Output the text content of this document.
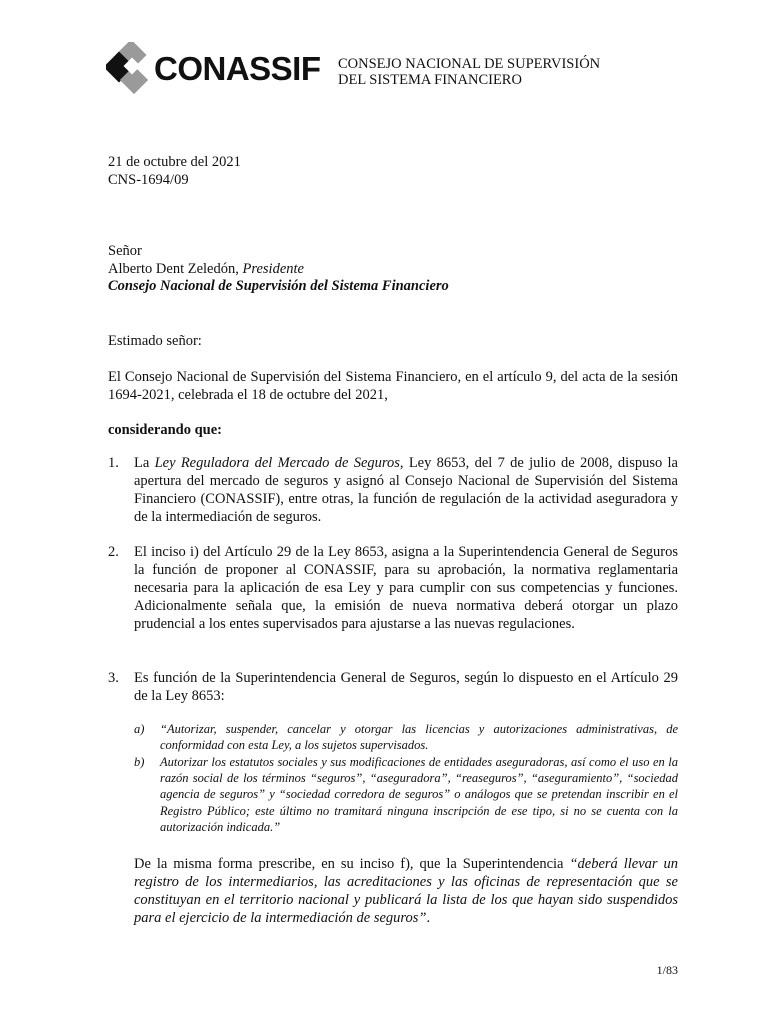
CONASSIF CONSEJO NACIONAL DE SUPERVISIÓN
DEL SISTEMA FINANCIERO
21 de octubre del 2021
CNS-1694/09
Señor
Alberto Dent Zeledón, Presidente
Consejo Nacional de Supervisión del Sistema Financiero
Estimado señor:
El Consejo Nacional de Supervisión del Sistema Financiero, en el artículo 9, del acta de la sesión 1694-2021, celebrada el 18 de octubre del 2021,
considerando que:
1. La Ley Reguladora del Mercado de Seguros, Ley 8653, del 7 de julio de 2008, dispuso la apertura del mercado de seguros y asignó al Consejo Nacional de Supervisión del Sistema Financiero (CONASSIF), entre otras, la función de regulación de la actividad aseguradora y de la intermediación de seguros.
2. El inciso i) del Artículo 29 de la Ley 8653, asigna a la Superintendencia General de Seguros la función de proponer al CONASSIF, para su aprobación, la normativa reglamentaria necesaria para la aplicación de esa Ley y para cumplir con sus competencias y funciones. Adicionalmente señala que, la emisión de nueva normativa deberá otorgar un plazo prudencial a los entes supervisados para ajustarse a las nuevas regulaciones.
3. Es función de la Superintendencia General de Seguros, según lo dispuesto en el Artículo 29 de la Ley 8653:
a) “Autorizar, suspender, cancelar y otorgar las licencias y autorizaciones administrativas, de conformidad con esta Ley, a los sujetos supervisados.
b) Autorizar los estatutos sociales y sus modificaciones de entidades aseguradoras, así como el uso en la razón social de los términos “seguros”, “aseguradora”, “reaseguros”, “aseguramiento”, “sociedad agencia de seguros” y “sociedad corredora de seguros” o análogos que se pretendan inscribir en el Registro Público; este último no tramitará ninguna inscripción de ese tipo, si no se cuenta con la autorización indicada.”
De la misma forma prescribe, en su inciso f), que la Superintendencia “deberá llevar un registro de los intermediarios, las acreditaciones y las oficinas de representación que se constituyan en el territorio nacional y publicará la lista de los que hayan sido suspendidos para el ejercicio de la intermediación de seguros”.
1/83
